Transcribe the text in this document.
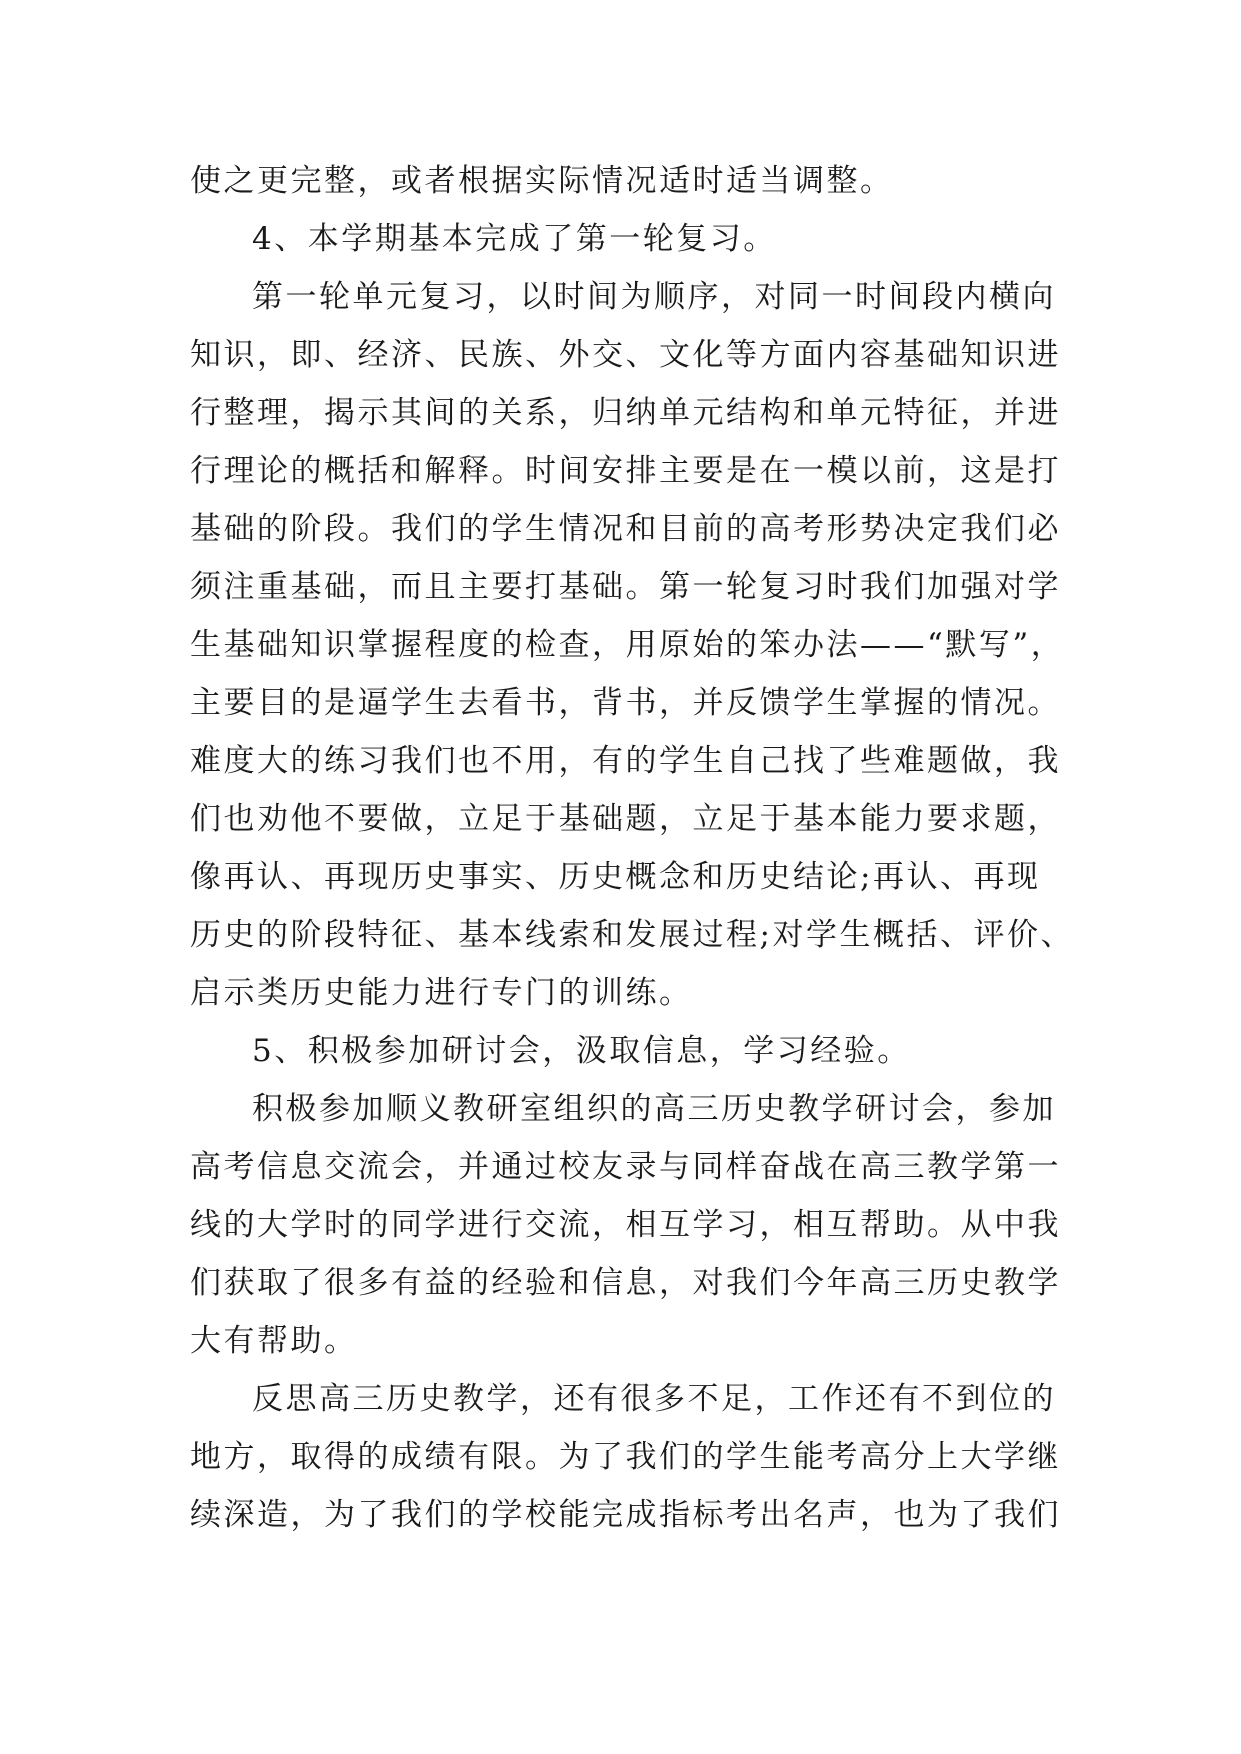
使之更完整，或者根据实际情况适时适当调整。
4、本学期基本完成了第一轮复习。
第一轮单元复习，以时间为顺序，对同一时间段内横向
知识，即、经济、民族、外交、文化等方面内容基础知识进
行整理，揭示其间的关系，归纳单元结构和单元特征，并进
行理论的概括和解释。时间安排主要是在一模以前，这是打
基础的阶段。我们的学生情况和目前的高考形势决定我们必
须注重基础，而且主要打基础。第一轮复习时我们加强对学
生基础知识掌握程度的检查，用原始的笨办法——“默写”，
主要目的是逼学生去看书，背书，并反馈学生掌握的情况。
难度大的练习我们也不用，有的学生自己找了些难题做，我
们也劝他不要做，立足于基础题，立足于基本能力要求题，
像再认、再现历史事实、历史概念和历史结论;再认、再现
历史的阶段特征、基本线索和发展过程;对学生概括、评价、
启示类历史能力进行专门的训练。
5、积极参加研讨会，汲取信息，学习经验。
积极参加顺义教研室组织的高三历史教学研讨会，参加
高考信息交流会，并通过校友录与同样奋战在高三教学第一
线的大学时的同学进行交流，相互学习，相互帮助。从中我
们获取了很多有益的经验和信息，对我们今年高三历史教学
大有帮助。
反思高三历史教学，还有很多不足，工作还有不到位的
地方，取得的成绩有限。为了我们的学生能考高分上大学继
续深造，为了我们的学校能完成指标考出名声，也为了我们
